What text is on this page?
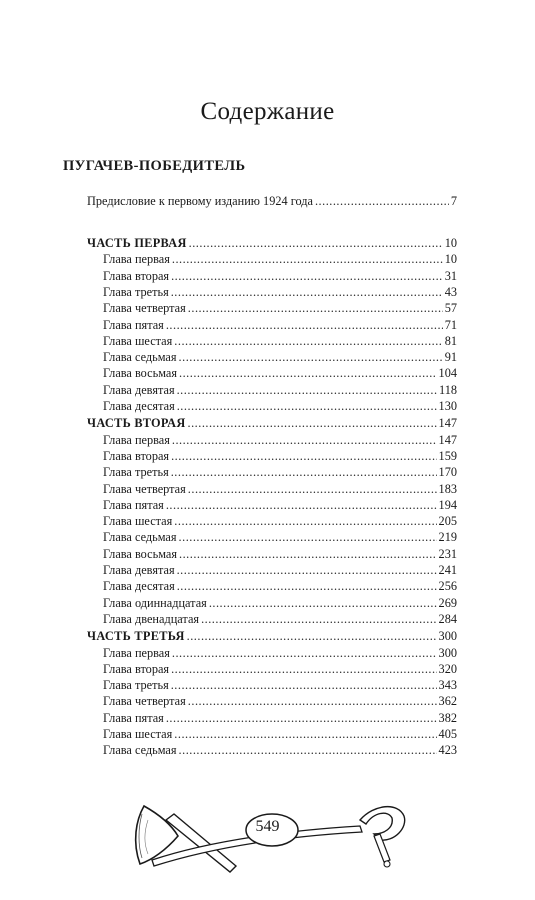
Содержание
ПУГАЧЕВ-ПОБЕДИТЕЛЬ
Предисловие к первому изданию 1924 года .....	7
ЧАСТЬ ПЕРВАЯ .....	10
Глава первая .....	10
Глава вторая .....	31
Глава третья .....	43
Глава четвертая .....	57
Глава пятая .....	71
Глава шестая .....	81
Глава седьмая .....	91
Глава восьмая .....	104
Глава девятая .....	118
Глава десятая .....	130
ЧАСТЬ ВТОРАЯ .....	147
Глава первая .....	147
Глава вторая .....	159
Глава третья .....	170
Глава четвертая .....	183
Глава пятая .....	194
Глава шестая .....	205
Глава седьмая .....	219
Глава восьмая .....	231
Глава девятая .....	241
Глава десятая .....	256
Глава одиннадцатая .....	269
Глава двенадцатая .....	284
ЧАСТЬ ТРЕТЬЯ .....	300
Глава первая .....	300
Глава вторая .....	320
Глава третья .....	343
Глава четвертая .....	362
Глава пятая .....	382
Глава шестая .....	405
Глава седьмая .....	423
549
